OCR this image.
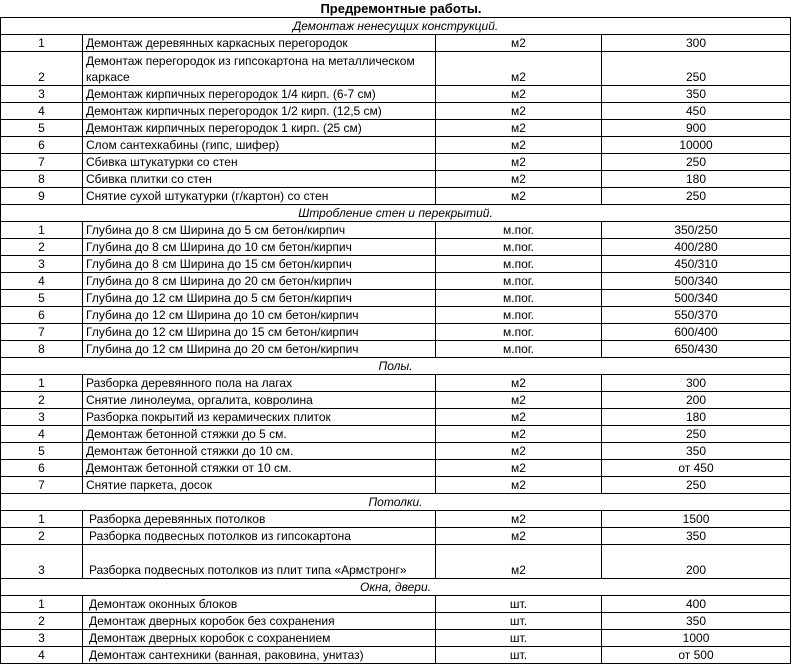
Предремонтные работы.
Демонтаж ненесущих конструкций.			
1	Демонтаж деревянных каркасных перегородок	м2	300
2	Демонтаж перегородок из гипсокартона на металлическом каркасе	м2	250
3	Демонтаж кирпичных перегородок 1/4 кирп. (6-7 см)	м2	350
4	Демонтаж кирпичных перегородок 1/2 кирп. (12,5 см)	м2	450
5	Демонтаж кирпичных перегородок 1 кирп. (25 см)	м2	900
6	Слом сантехкабины (гипс, шифер)	м2	10000
7	Сбивка штукатурки со стен	м2	250
8	Сбивка плитки со стен	м2	180
9	Снятие сухой штукатурки (г/картон) со стен	м2	250
Штробление стен и перекрытий.			
1	Глубина до 8 см Ширина до 5 см бетон/кирпич	м.пог.	350/250
2	Глубина до 8 см Ширина до 10 см бетон/кирпич	м.пог.	400/280
3	Глубина до 8 см Ширина до 15 см бетон/кирпич	м.пог.	450/310
4	Глубина до 8 см Ширина до 20 см бетон/кирпич	м.пог.	500/340
5	Глубина до 12 см Ширина до 5 см бетон/кирпич	м.пог.	500/340
6	Глубина до 12 см Ширина до 10 см бетон/кирпич	м.пог.	550/370
7	Глубина до 12 см Ширина до 15 см бетон/кирпич	м.пог.	600/400
8	Глубина до 12 см Ширина до 20 см бетон/кирпич	м.пог.	650/430
Полы.			
1	Разборка деревянного пола на лагах	м2	300
2	Снятие линолеума, оргалита, ковролина	м2	200
3	Разборка покрытий из керамических плиток	м2	180
4	Демонтаж бетонной стяжки до 5 см.	м2	250
5	Демонтаж бетонной стяжки до 10 см.	м2	350
6	Демонтаж бетонной стяжки от 10 см.	м2	от 450
7	Снятие паркета, досок	м2	250
Потолки.			
1	Разборка деревянных потолков	м2	1500
2	Разборка подвесных потолков из гипсокартона	м2	350
3	Разборка подвесных потолков из плит типа «Армстронг»	м2	200
Окна, двери.			
1	Демонтаж оконных блоков	шт.	400
2	Демонтаж дверных коробок без сохранения	шт.	350
3	Демонтаж дверных коробок с сохранением	шт.	1000
4	Демонтаж сантехники (ванная, раковина, унитаз)	шт.	от 500
